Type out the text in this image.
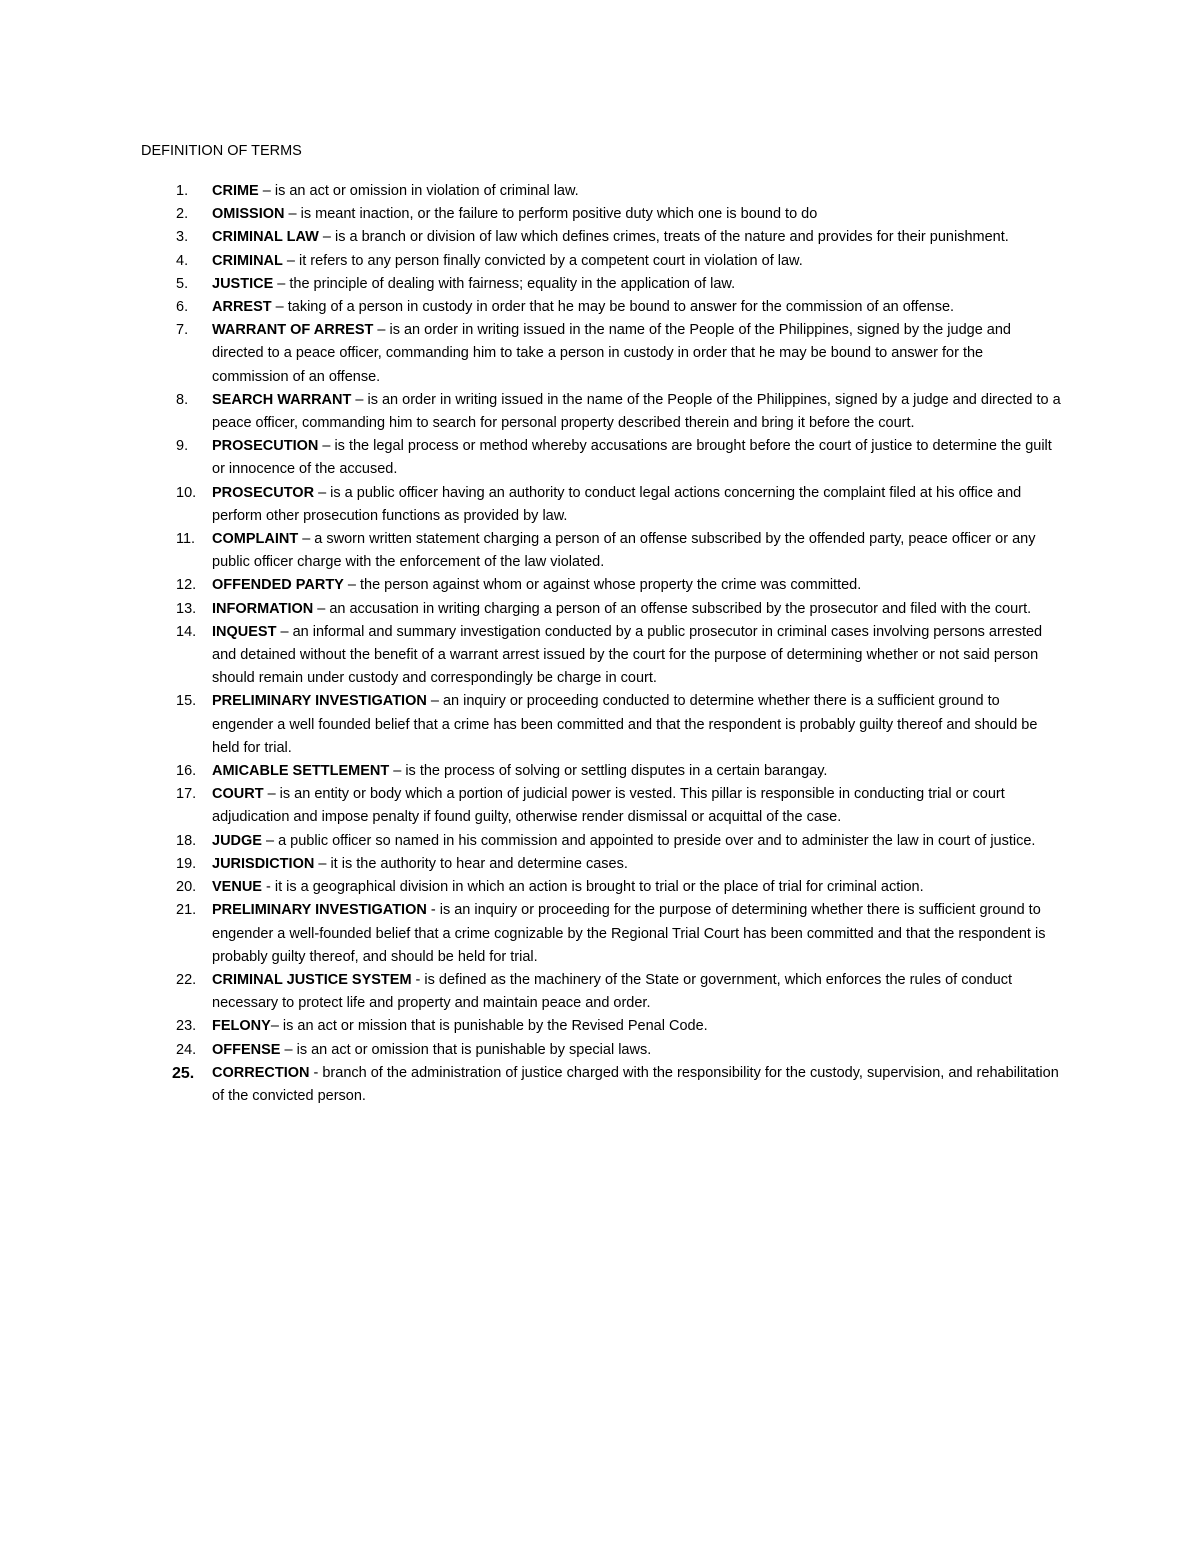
DEFINITION OF TERMS
1. CRIME – is an act or omission in violation of criminal law.
2. OMISSION – is meant inaction, or the failure to perform positive duty which one is bound to do
3. CRIMINAL LAW – is a branch or division of law which defines crimes, treats of the nature and provides for their punishment.
4. CRIMINAL – it refers to any person finally convicted by a competent court in violation of law.
5. JUSTICE – the principle of dealing with fairness; equality in the application of law.
6. ARREST – taking of a person in custody in order that he may be bound to answer for the commission of an offense.
7. WARRANT OF ARREST – is an order in writing issued in the name of the People of the Philippines, signed by the judge and directed to a peace officer, commanding him to take a person in custody in order that he may be bound to answer for the commission of an offense.
8. SEARCH WARRANT – is an order in writing issued in the name of the People of the Philippines, signed by a judge and directed to a peace officer, commanding him to search for personal property described therein and bring it before the court.
9. PROSECUTION – is the legal process or method whereby accusations are brought before the court of justice to determine the guilt or innocence of the accused.
10. PROSECUTOR – is a public officer having an authority to conduct legal actions concerning the complaint filed at his office and perform other prosecution functions as provided by law.
11. COMPLAINT – a sworn written statement charging a person of an offense subscribed by the offended party, peace officer or any public officer charge with the enforcement of the law violated.
12. OFFENDED PARTY – the person against whom or against whose property the crime was committed.
13. INFORMATION – an accusation in writing charging a person of an offense subscribed by the prosecutor and filed with the court.
14. INQUEST – an informal and summary investigation conducted by a public prosecutor in criminal cases involving persons arrested and detained without the benefit of a warrant arrest issued by the court for the purpose of determining whether or not said person should remain under custody and correspondingly be charge in court.
15. PRELIMINARY INVESTIGATION – an inquiry or proceeding conducted to determine whether there is a sufficient ground to engender a well founded belief that a crime has been committed and that the respondent is probably guilty thereof and should be held for trial.
16. AMICABLE SETTLEMENT – is the process of solving or settling disputes in a certain barangay.
17. COURT – is an entity or body which a portion of judicial power is vested. This pillar is responsible in conducting trial or court adjudication and impose penalty if found guilty, otherwise render dismissal or acquittal of the case.
18. JUDGE – a public officer so named in his commission and appointed to preside over and to administer the law in court of justice.
19. JURISDICTION – it is the authority to hear and determine cases.
20. VENUE - it is a geographical division in which an action is brought to trial or the place of trial for criminal action.
21. PRELIMINARY INVESTIGATION - is an inquiry or proceeding for the purpose of determining whether there is sufficient ground to engender a well-founded belief that a crime cognizable by the Regional Trial Court has been committed and that the respondent is probably guilty thereof, and should be held for trial.
22. CRIMINAL JUSTICE SYSTEM - is defined as the machinery of the State or government, which enforces the rules of conduct necessary to protect life and property and maintain peace and order.
23. FELONY– is an act or mission that is punishable by the Revised Penal Code.
24. OFFENSE – is an act or omission that is punishable by special laws.
25. CORRECTION - branch of the administration of justice charged with the responsibility for the custody, supervision, and rehabilitation of the convicted person.
